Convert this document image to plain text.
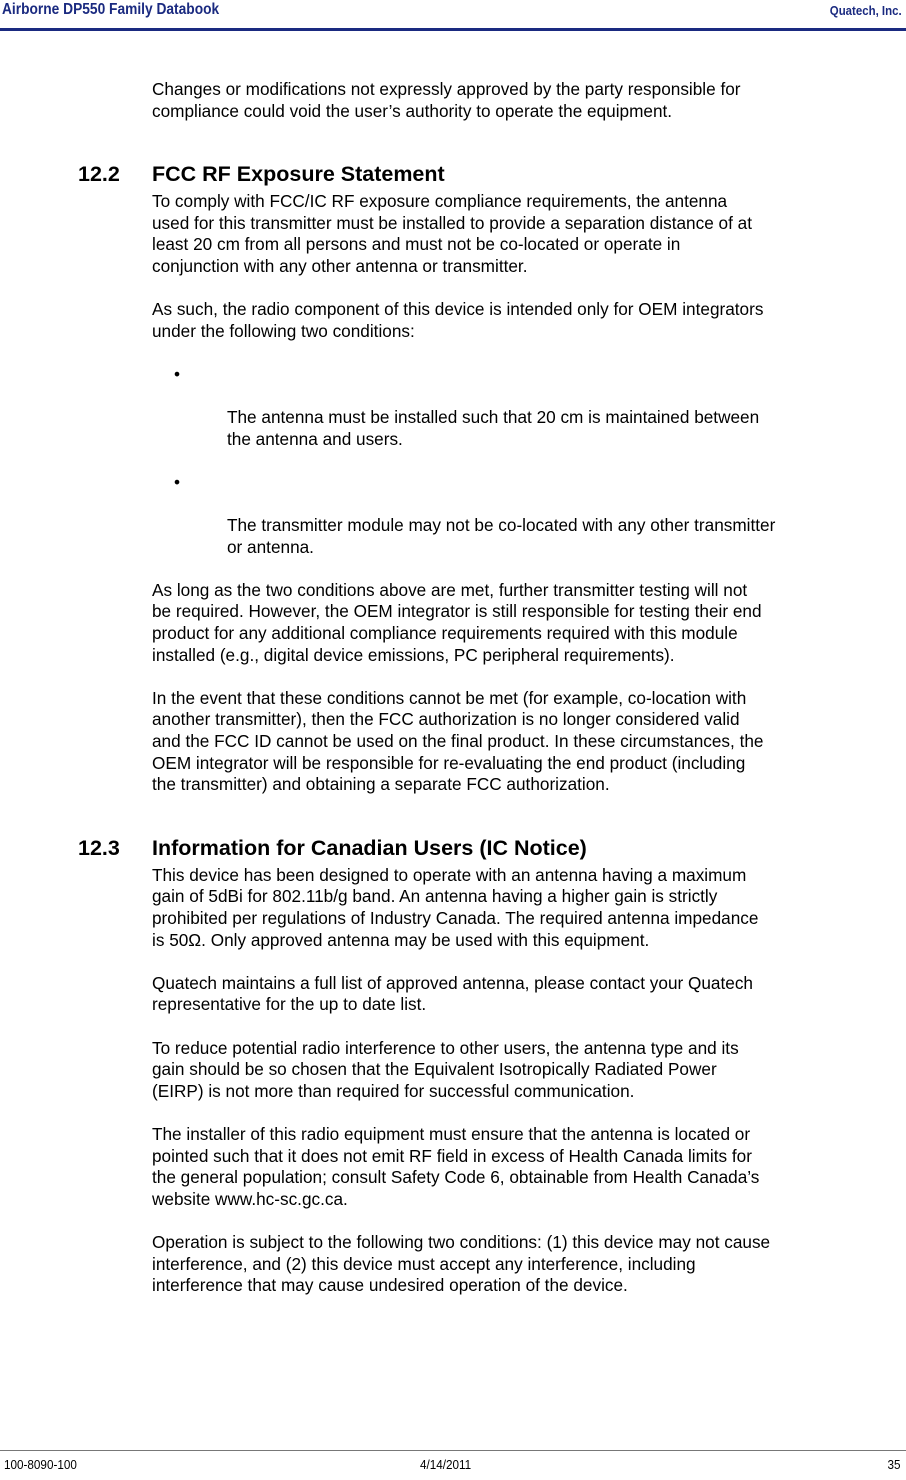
Airborne DP550 Family Databook	Quatech, Inc.

Changes or modifications not expressly approved by the party responsible for
compliance could void the user’s authority to operate the equipment.

12.2 FCC RF Exposure Statement

To comply with FCC/IC RF exposure compliance requirements, the antenna
used for this transmitter must be installed to provide a separation distance of at
least 20 cm from all persons and must not be co-located or operate in
conjunction with any other antenna or transmitter.

As such, the radio component of this device is intended only for OEM integrators
under the following two conditions:

•

The antenna must be installed such that 20 cm is maintained between
the antenna and users.

•

The transmitter module may not be co-located with any other transmitter
or antenna.

As long as the two conditions above are met, further transmitter testing will not
be required. However, the OEM integrator is still responsible for testing their end
product for any additional compliance requirements required with this module
installed (e.g., digital device emissions, PC peripheral requirements).

In the event that these conditions cannot be met (for example, co-location with
another transmitter), then the FCC authorization is no longer considered valid
and the FCC ID cannot be used on the final product. In these circumstances, the
OEM integrator will be responsible for re-evaluating the end product (including
the transmitter) and obtaining a separate FCC authorization.

12.3 Information for Canadian Users (IC Notice)

This device has been designed to operate with an antenna having a maximum
gain of 5dBi for 802.11b/g band. An antenna having a higher gain is strictly
prohibited per regulations of Industry Canada. The required antenna impedance
is 50Ω. Only approved antenna may be used with this equipment.

Quatech maintains a full list of approved antenna, please contact your Quatech
representative for the up to date list.

To reduce potential radio interference to other users, the antenna type and its
gain should be so chosen that the Equivalent Isotropically Radiated Power
(EIRP) is not more than required for successful communication.

The installer of this radio equipment must ensure that the antenna is located or
pointed such that it does not emit RF field in excess of Health Canada limits for
the general population; consult Safety Code 6, obtainable from Health Canada’s
website www.hc-sc.gc.ca.

Operation is subject to the following two conditions: (1) this device may not cause
interference, and (2) this device must accept any interference, including
interference that may cause undesired operation of the device.

100-8090-100	4/14/2011	35
